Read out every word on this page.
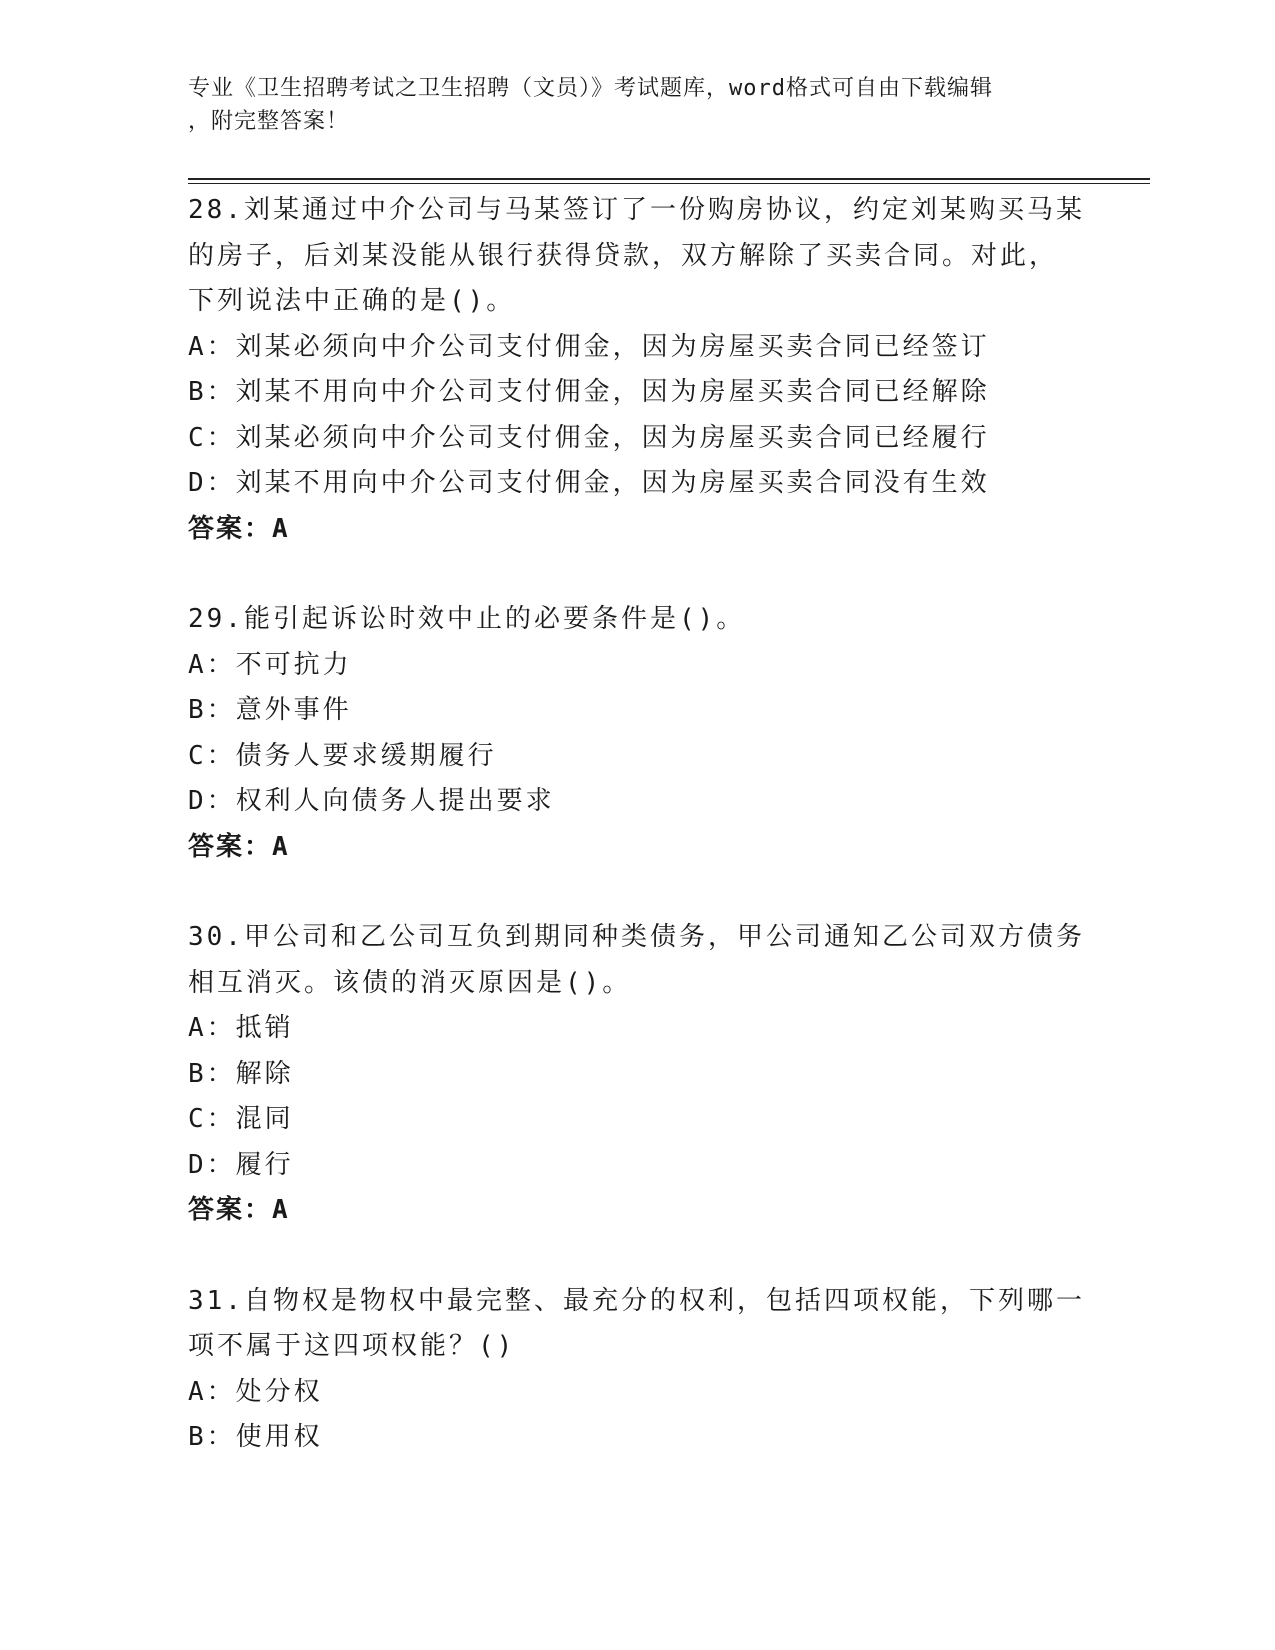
专业《卫生招聘考试之卫生招聘（文员）》考试题库，word格式可自由下载编辑
，附完整答案！
28.刘某通过中介公司与马某签订了一份购房协议，约定刘某购买马某
的房子，后刘某没能从银行获得贷款，双方解除了买卖合同。对此，
下列说法中正确的是()。
A：刘某必须向中介公司支付佣金，因为房屋买卖合同已经签订
B：刘某不用向中介公司支付佣金，因为房屋买卖合同已经解除
C：刘某必须向中介公司支付佣金，因为房屋买卖合同已经履行
D：刘某不用向中介公司支付佣金，因为房屋买卖合同没有生效
答案：A
29.能引起诉讼时效中止的必要条件是()。
A：不可抗力
B：意外事件
C：债务人要求缓期履行
D：权利人向债务人提出要求
答案：A
30.甲公司和乙公司互负到期同种类债务，甲公司通知乙公司双方债务
相互消灭。该债的消灭原因是()。
A：抵销
B：解除
C：混同
D：履行
答案：A
31.自物权是物权中最完整、最充分的权利，包括四项权能，下列哪一
项不属于这四项权能？()
A：处分权
B：使用权
